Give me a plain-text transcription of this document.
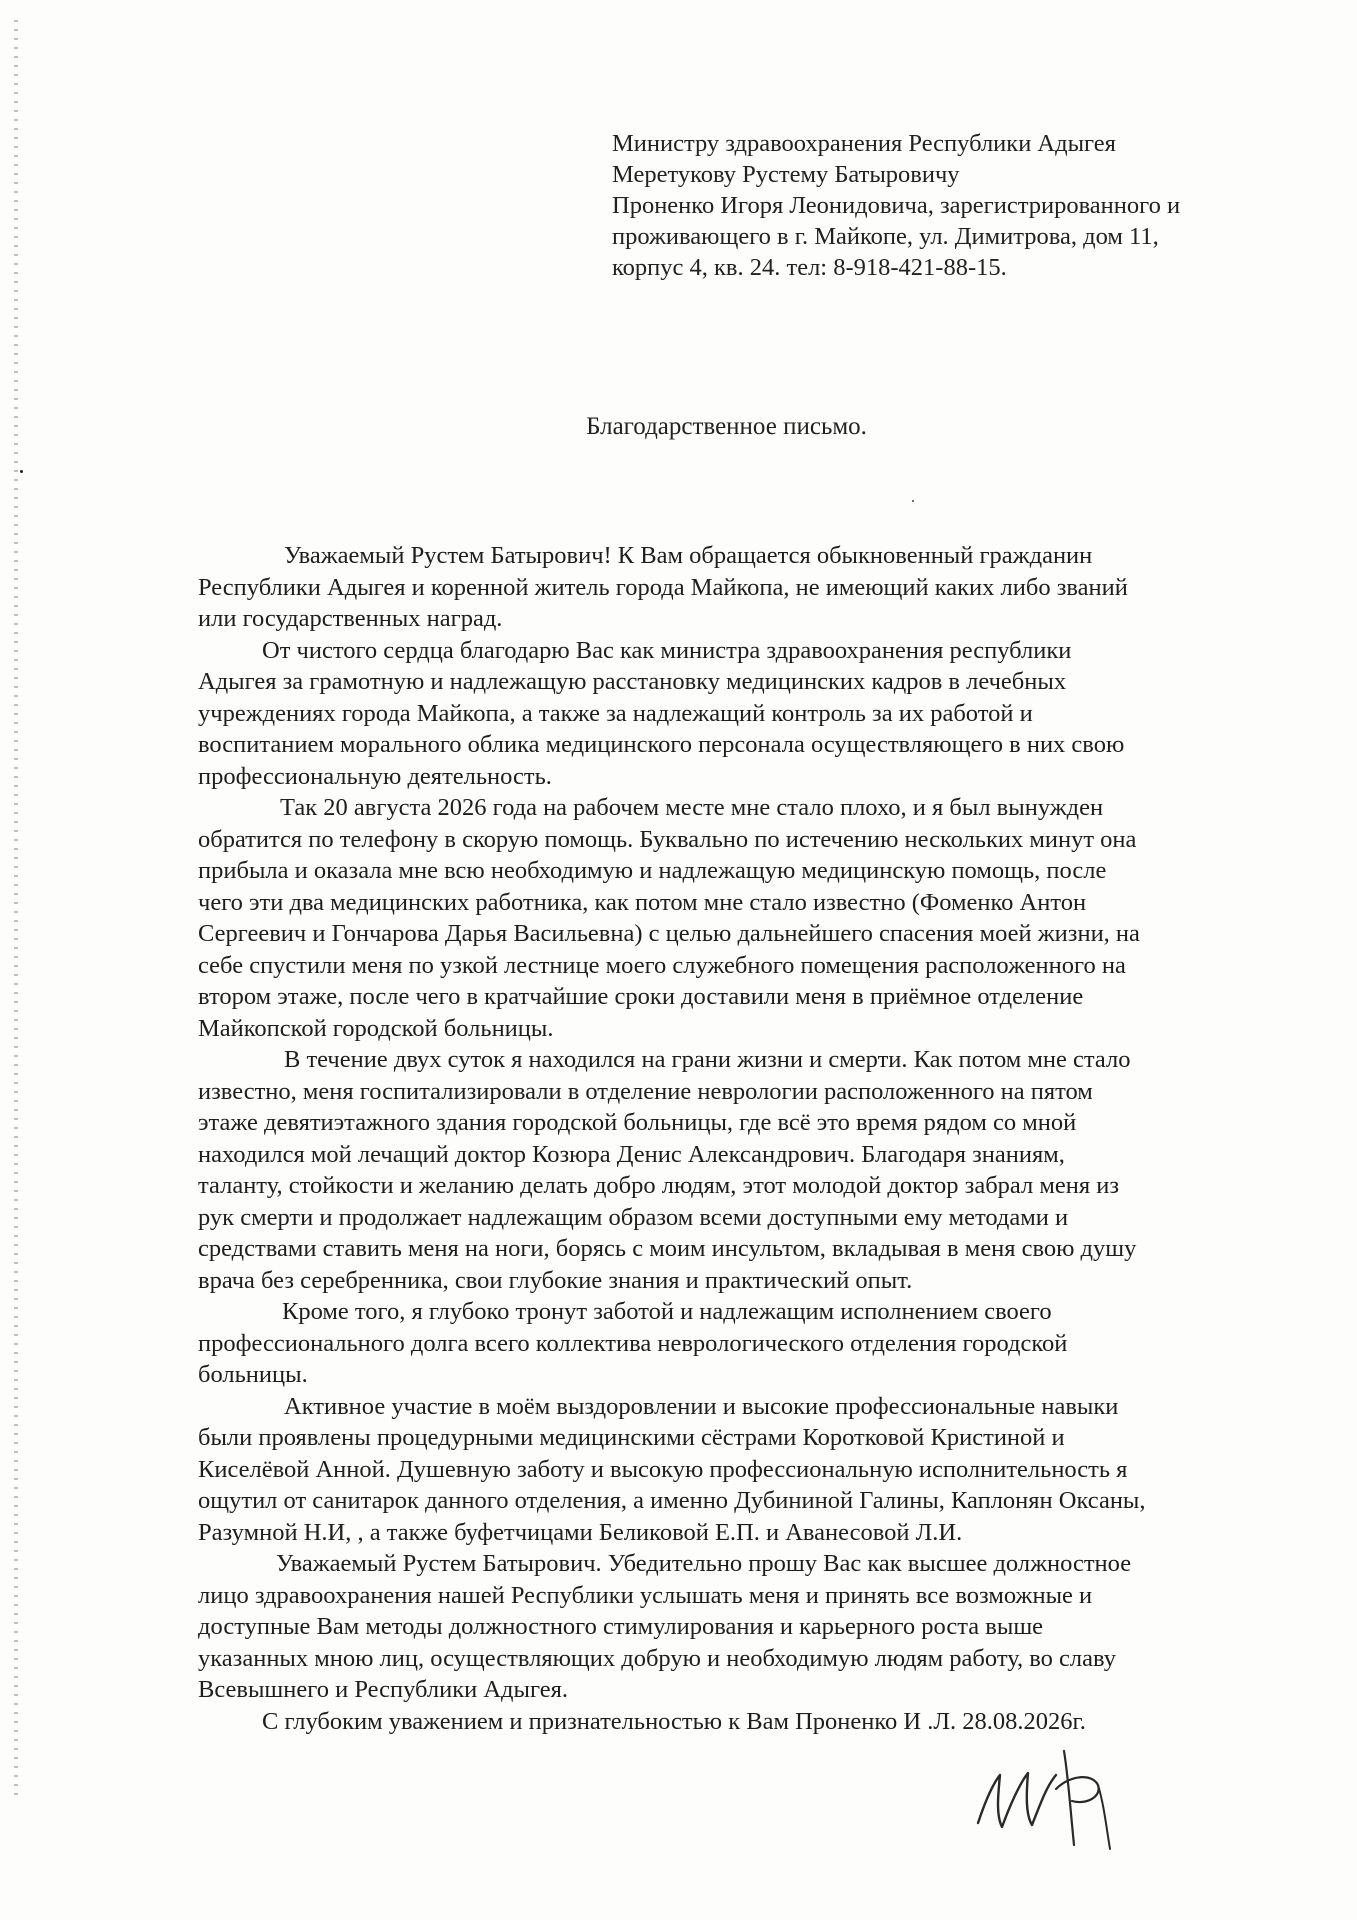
Министру здравоохранения Республики Адыгея
Меретукову Рустему Батыровичу
Проненко Игоря Леонидовича, зарегистрированного и
проживающего в г. Майкопе, ул. Димитрова, дом 11,
корпус 4, кв. 24. тел: 8-918-421-88-15.
Благодарственное письмо.
Уважаемый Рустем Батырович! К Вам обращается обыкновенный гражданин
Республики Адыгея и коренной житель города Майкопа, не имеющий каких либо званий
или государственных наград.
От чистого сердца благодарю Вас как министра здравоохранения республики
Адыгея за грамотную и надлежащую расстановку медицинских кадров в лечебных
учреждениях города Майкопа, а также за надлежащий контроль за их работой и
воспитанием морального облика медицинского персонала осуществляющего в них свою
профессиональную деятельность.
Так 20 августа 2026 года на рабочем месте мне стало плохо, и я был вынужден
обратится по телефону в скорую помощь. Буквально по истечению нескольких минут она
прибыла и оказала мне всю необходимую и надлежащую медицинскую помощь, после
чего эти два медицинских работника, как потом мне стало известно (Фоменко Антон
Сергеевич и Гончарова Дарья Васильевна) с целью дальнейшего спасения моей жизни, на
себе спустили меня по узкой лестнице моего служебного помещения расположенного на
втором этаже, после чего в кратчайшие сроки доставили меня в приёмное отделение
Майкопской городской больницы.
В течение двух суток я находился на грани жизни и смерти. Как потом мне стало
известно, меня госпитализировали в отделение неврологии расположенного на пятом
этаже девятиэтажного здания городской больницы, где всё это время рядом со мной
находился мой лечащий доктор Козюра Денис Александрович. Благодаря знаниям,
таланту, стойкости и желанию делать добро людям, этот молодой доктор забрал меня из
рук смерти и продолжает надлежащим образом всеми доступными ему методами и
средствами ставить меня на ноги, борясь с моим инсультом, вкладывая в меня свою душу
врача без серебренника, свои глубокие знания и практический опыт.
Кроме того, я глубоко тронут заботой и надлежащим исполнением своего
профессионального долга всего коллектива неврологического отделения городской
больницы.
Активное участие в моём выздоровлении и высокие профессиональные навыки
были проявлены процедурными медицинскими сёстрами Коротковой Кристиной и
Киселёвой Анной. Душевную заботу и высокую профессиональную исполнительность я
ощутил от санитарок данного отделения, а именно Дубининой Галины, Каплонян Оксаны,
Разумной Н.И, , а также буфетчицами Беликовой Е.П. и Аванесовой Л.И.
Уважаемый Рустем Батырович. Убедительно прошу Вас как высшее должностное
лицо здравоохранения нашей Республики услышать меня и принять все возможные и
доступные Вам методы должностного стимулирования и карьерного роста выше
указанных мною лиц, осуществляющих добрую и необходимую людям работу, во славу
Всевышнего и Республики Адыгея.
С глубоким уважением и признательностью к Вам Проненко И .Л. 28.08.2026г.
